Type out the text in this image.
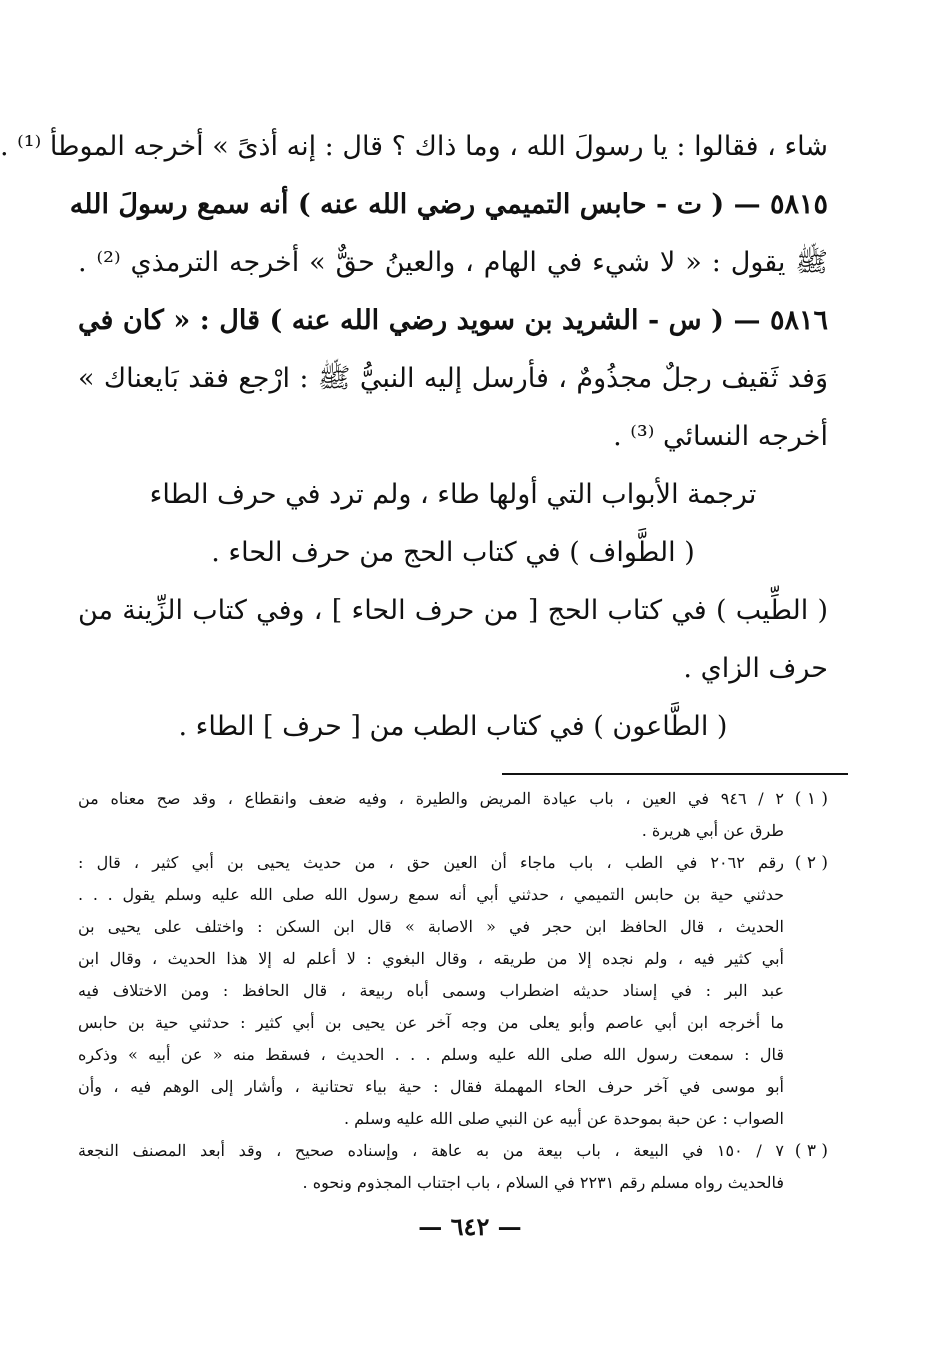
شاء ، فقالوا : يا رسولَ الله ، وما ذاك ؟ قال : إنه أذىً » أخرجه الموطأ ⁽¹⁾ .
٥٨١٥ — ( ت - حابس التميمي رضي الله عنه ) أنه سمع رسولَ الله
ﷺ يقول : « لا شيء في الهام ، والعينُ حقٌّ » أخرجه الترمذي ⁽²⁾ .
٥٨١٦ — ( س - الشريد بن سويد رضي الله عنه ) قال : « كان في
وَفد ثَقيف رجلٌ مجذُومٌ ، فأرسل إليه النبيُّ ﷺ : ارْجع فقد بَايعناك »
أخرجه النسائي ⁽³⁾ .
ترجمة الأبواب التي أولها طاء ، ولم ترد في حرف الطاء
( الطَّواف ) في كتاب الحج من حرف الحاء .
( الطِّيب ) في كتاب الحج [ من حرف الحاء ] ، وفي كتاب الزِّينة من
حرف الزاي .
( الطَّاعون ) في كتاب الطب من [ حرف ] الطاء .
( ١ )
٢ / ٩٤٦ في العين ، باب عيادة المريض والطيرة ، وفيه ضعف وانقطاع ، وقد صح معناه من
طرق عن أبي هريرة .
( ٢ )
رقم ٢٠٦٢ في الطب ، باب ماجاء أن العين حق ، من حديث يحيى بن أبي كثير ، قال :
حدثني حية بن حابس التميمي ، حدثني أبي أنه سمع رسول الله صلى الله عليه وسلم يقول . . .
الحديث ، قال الحافظ ابن حجر في « الاصابة » قال ابن السكن : واختلف على يحيى بن
أبي كثير فيه ، ولم نجده إلا من طريقه ، وقال البغوي : لا أعلم له إلا هذا الحديث ، وقال ابن
عبد البر : في إسناد حديثه اضطراب وسمى أباه ربيعة ، قال الحافظ : ومن الاختلاف فيه
ما أخرجه ابن أبي عاصم وأبو يعلى من وجه آخر عن يحيى بن أبي كثير : حدثني حية بن حابس
قال : سمعت رسول الله صلى الله عليه وسلم . . . الحديث ، فسقط منه « عن أبيه » وذكره
أبو موسى في آخر حرف الحاء المهملة فقال : حية بياء تحتانية ، وأشار إلى الوهم فيه ، وأن
الصواب : عن حبة بموحدة عن أبيه عن النبي صلى الله عليه وسلم .
( ٣ )
٧ / ١٥٠ في البيعة ، باب بيعة من به عاهة ، وإسناده صحيح ، وقد أبعد المصنف النجعة
فالحديث رواه مسلم رقم ٢٢٣١ في السلام ، باب اجتناب المجذوم ونحوه .
— ٦٤٢ —
